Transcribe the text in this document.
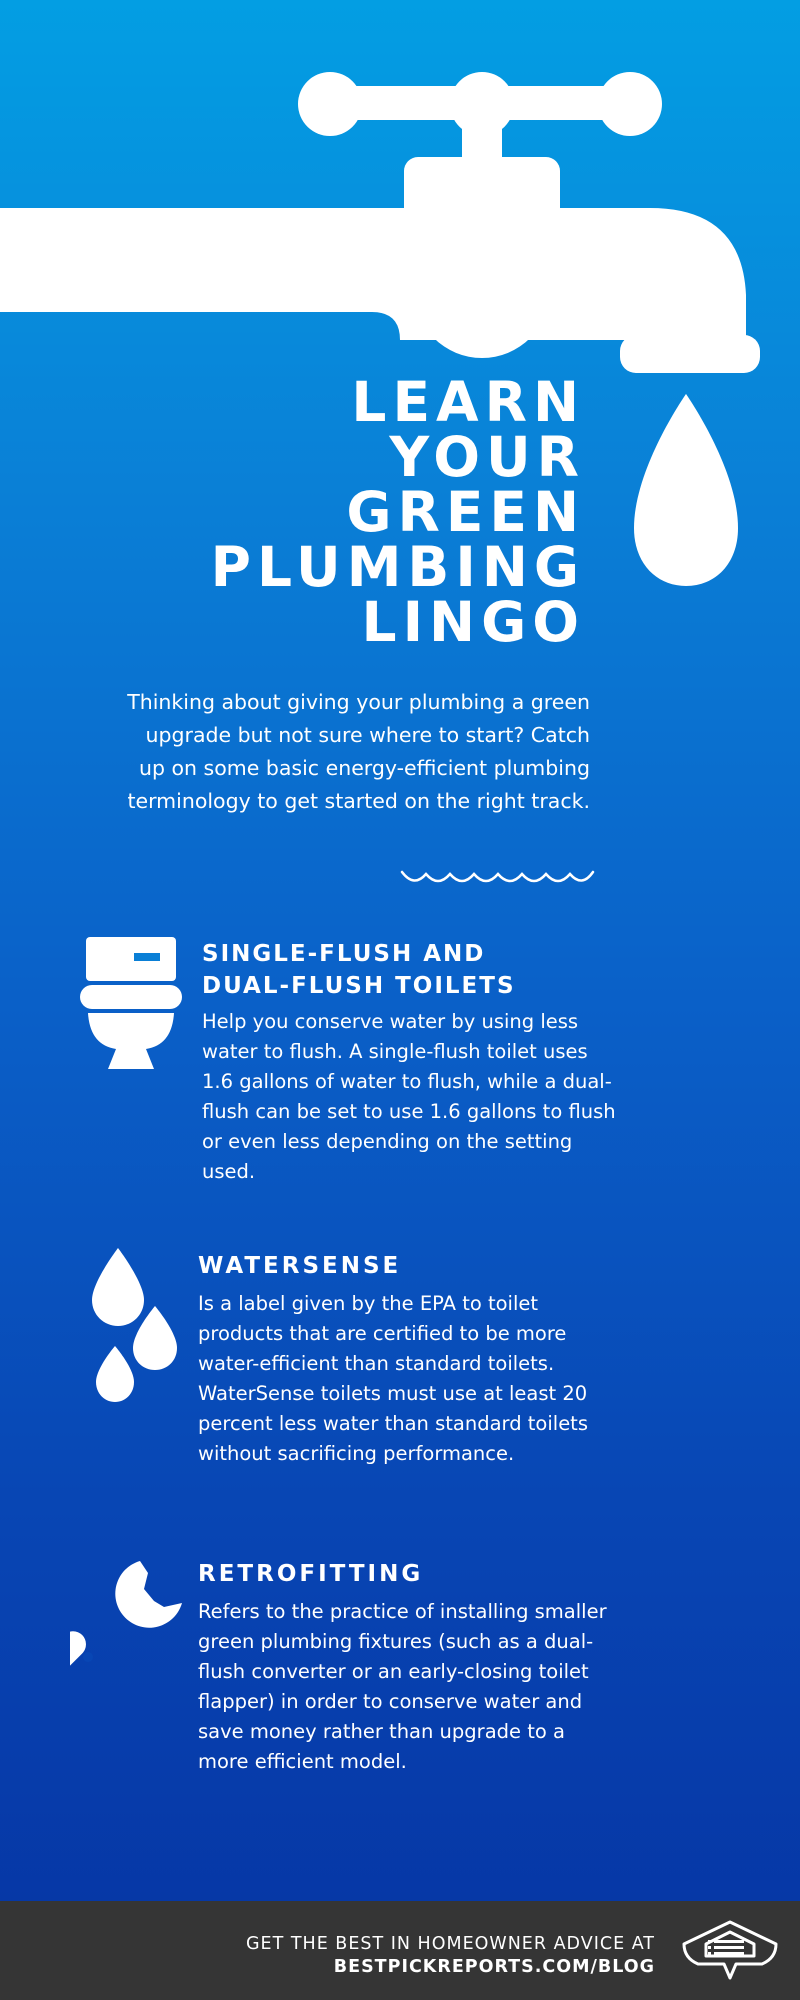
LEARN
YOUR
GREEN
PLUMBING
LINGO

Thinking about giving your plumbing a green upgrade but not sure where to start? Catch up on some basic energy-efficient plumbing terminology to get started on the right track.

SINGLE-FLUSH AND
DUAL-FLUSH TOILETS

Help you conserve water by using less water to flush. A single-flush toilet uses 1.6 gallons of water to flush, while a dual-flush can be set to use 1.6 gallons to flush or even less depending on the setting used.

WATERSENSE

Is a label given by the EPA to toilet products that are certified to be more water-efficient than standard toilets. WaterSense toilets must use at least 20 percent less water than standard toilets without sacrificing performance.

RETROFITTING

Refers to the practice of installing smaller green plumbing fixtures (such as a dual-flush converter or an early-closing toilet flapper) in order to conserve water and save money rather than upgrade to a more efficient model.

GET THE BEST IN HOMEOWNER ADVICE AT
BESTPICKREPORTS.COM/BLOG
